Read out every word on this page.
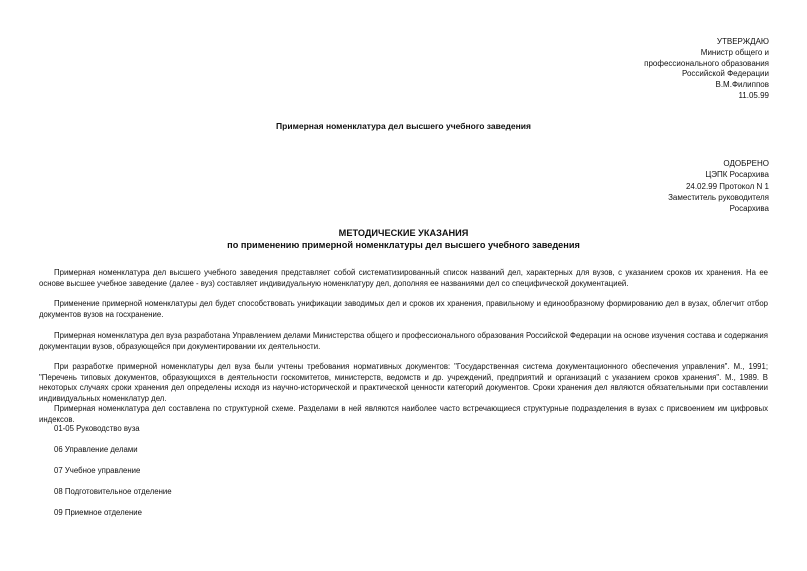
УТВЕРЖДАЮ
Министр общего и
профессионального образования
Российской Федерации
В.М.Филиппов
11.05.99
Примерная номенклатура дел высшего учебного заведения
ОДОБРЕНО
ЦЭПК Росархива
24.02.99 Протокол N 1
Заместитель руководителя
Росархива
МЕТОДИЧЕСКИЕ УКАЗАНИЯ
по применению примерной номенклатуры дел высшего учебного заведения

Примерная номенклатура дел высшего учебного заведения представляет собой систематизированный список названий дел, характерных для вузов, с указанием сроков их хранения. На ее основе высшее учебное заведение (далее - вуз) составляет индивидуальную номенклатуру дел, дополняя ее названиями дел со специфической документацией.

Применение примерной номенклатуры дел будет способствовать унификации заводимых дел и сроков их хранения, правильному и единообразному формированию дел в вузах, облегчит отбор документов вузов на госхранение.

Примерная номенклатура дел вуза разработана Управлением делами Министерства общего и профессионального образования Российской Федерации на основе изучения состава и содержания документации вузов, образующейся при документировании их деятельности.

При разработке примерной номенклатуры дел вуза были учтены требования нормативных документов: "Государственная система документационного обеспечения управления". М., 1991; "Перечень типовых документов, образующихся в деятельности госкомитетов, министерств, ведомств и др. учреждений, предприятий и организаций с указанием сроков хранения". М., 1989. В некоторых случаях сроки хранения дел определены исходя из научно-исторической и практической ценности категорий документов. Сроки хранения дел являются обязательными при составлении индивидуальных номенклатур дел.

Примерная номенклатура дел составлена по структурной схеме. Разделами в ней являются наиболее часто встречающиеся структурные подразделения в вузах с присвоением им цифровых индексов.

01-05 Руководство вуза

06 Управление делами

07 Учебное управление

08 Подготовительное отделение

09 Приемное отделение
